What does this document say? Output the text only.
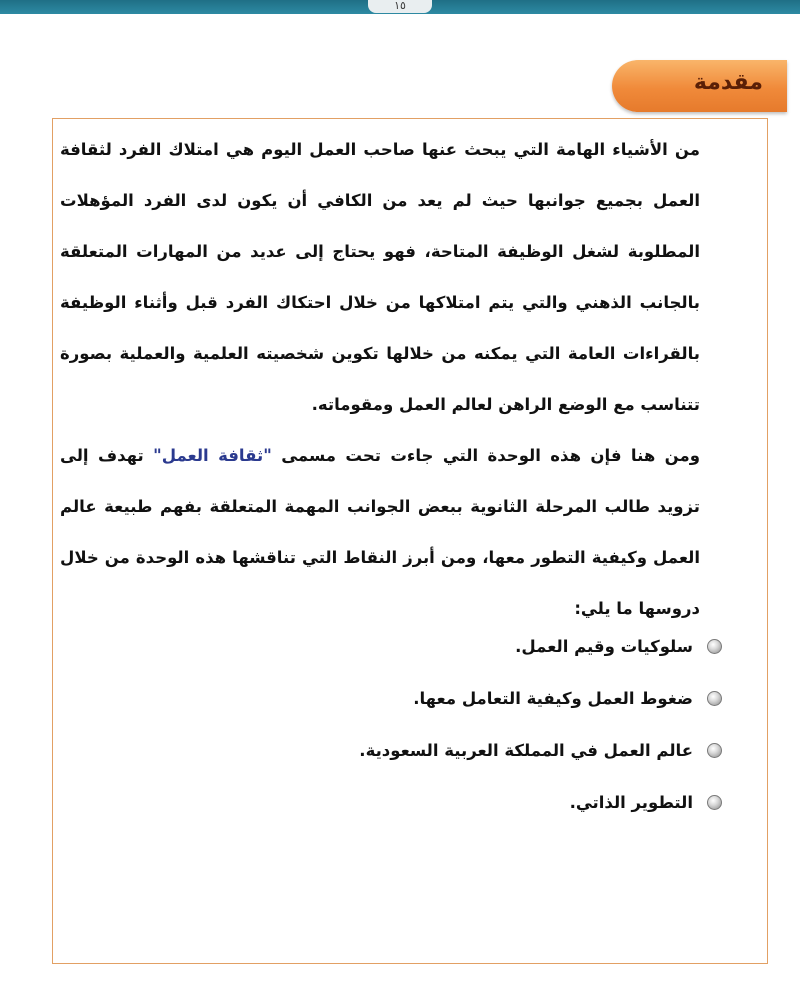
١٥
مقدمة

من الأشياء الهامة التي يبحث عنها صاحب العمل اليوم هي امتلاك الفرد لثقافة العمل بجميع جوانبها حيث لم يعد من الكافي أن يكون لدى الفرد المؤهلات المطلوبة لشغل الوظيفة المتاحة، فهو يحتاج إلى عديد من المهارات المتعلقة بالجانب الذهني والتي يتم امتلاكها من خلال احتكاك الفرد قبل وأثناء الوظيفة بالقراءات العامة التي يمكنه من خلالها تكوين شخصيته العلمية والعملية بصورة تتناسب مع الوضع الراهن لعالم العمل ومقوماته.

ومن هنا فإن هذه الوحدة التي جاءت تحت مسمى "ثقافة العمل" تهدف إلى تزويد طالب المرحلة الثانوية ببعض الجوانب المهمة المتعلقة بفهم طبيعة عالم العمل وكيفية التطور معها، ومن أبرز النقاط التي تناقشها هذه الوحدة من خلال دروسها ما يلي:

سلوكيات وقيم العمل.
ضغوط العمل وكيفية التعامل معها.
عالم العمل في المملكة العربية السعودية.
التطوير الذاتي.
